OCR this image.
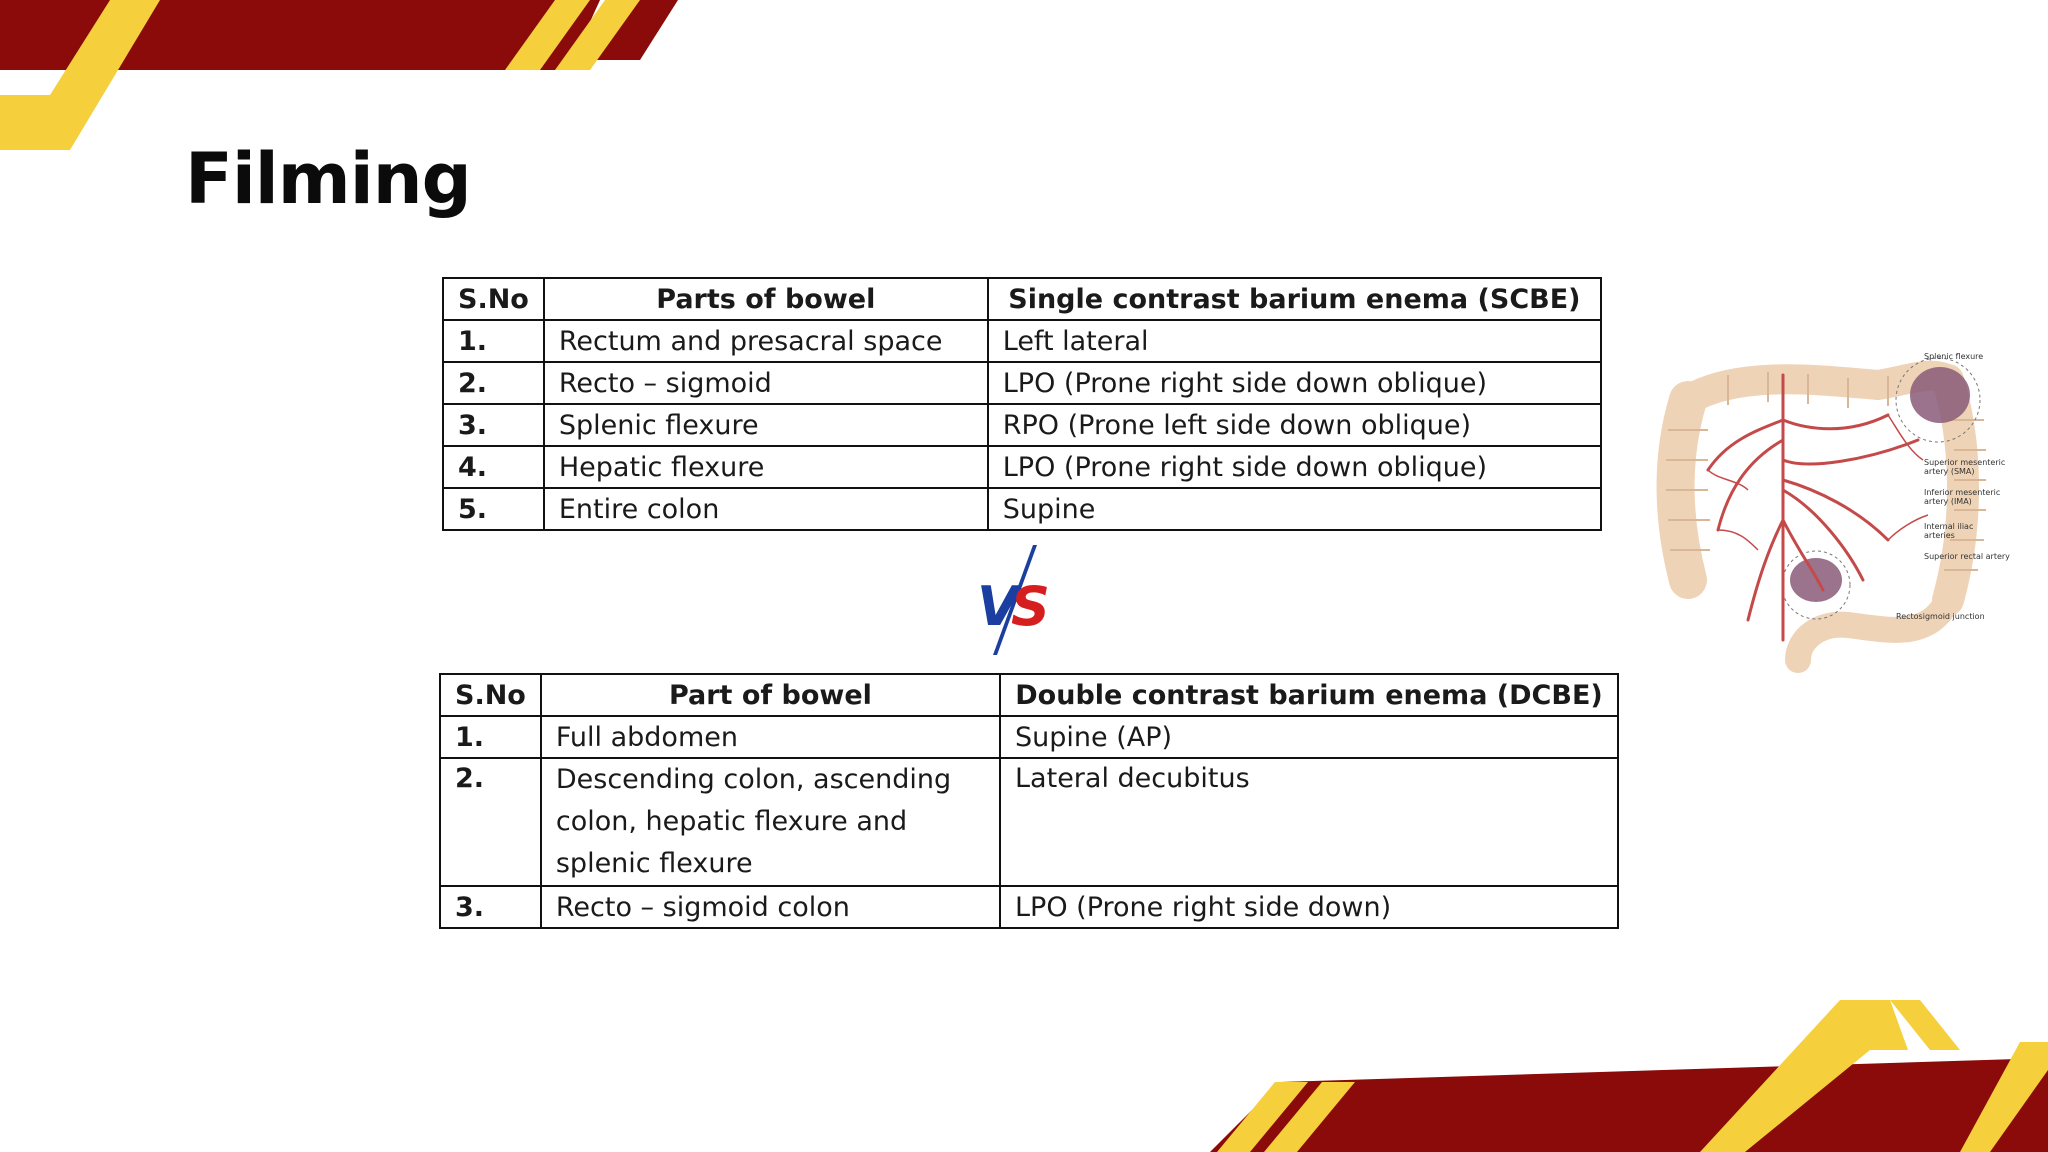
Filming
S.No	Parts of bowel	Single contrast barium enema (SCBE)
1.	Rectum and presacral space	Left lateral
2.	Recto – sigmoid	LPO (Prone right side down oblique)
3.	Splenic flexure	RPO (Prone left side down oblique)
4.	Hepatic flexure	LPO (Prone right side down oblique)
5.	Entire colon	Supine
V
S
VS
S.No	Part of bowel	Double contrast barium enema (DCBE)
1.	Full abdomen	Supine (AP)
2.	Descending colon, ascending colon, hepatic flexure and splenic flexure	Lateral decubitus
3.	Recto – sigmoid colon	LPO (Prone right side down)
Splenic flexure
Superior mesenteric artery (SMA)
Inferior mesenteric artery (IMA)
Internal iliac arteries
Superior rectal artery
Rectosigmoid junction
